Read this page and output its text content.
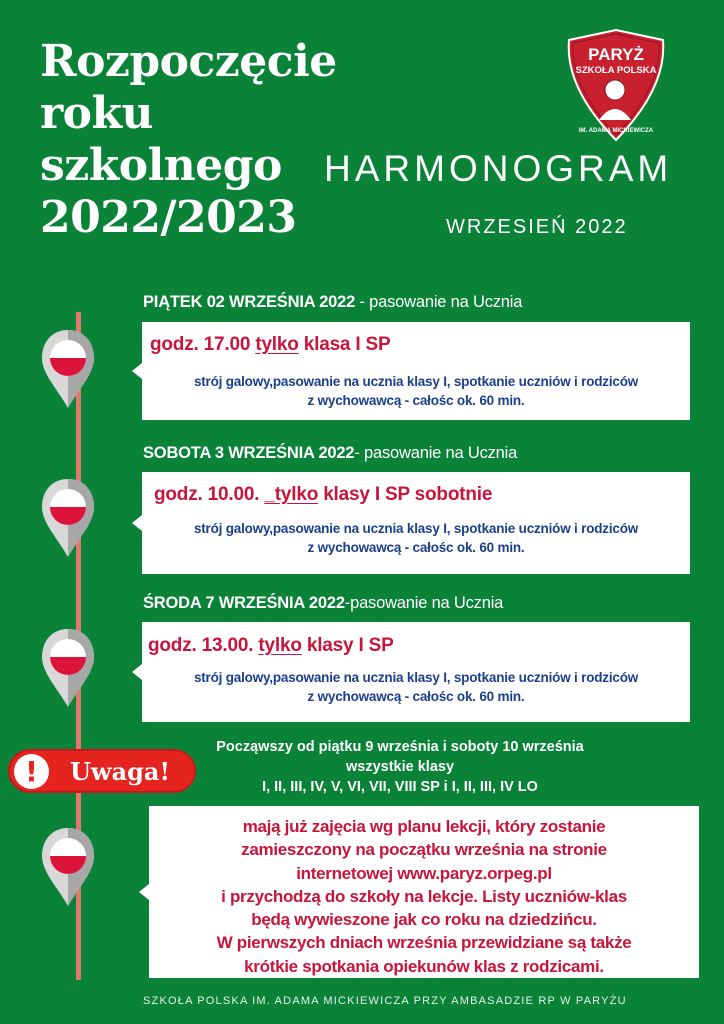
Rozpoczęcie
roku
szkolnego
2022/2023
PARYŻ
SZKOŁA POLSKA
IM. ADAMA MICKIEWICZA
HARMONOGRAM
WRZESIEŃ 2022
PIĄTEK 02 WRZEŚNIA 2022 - pasowanie na Ucznia
godz. 17.00 tylko klasa I SP
strój galowy,pasowanie na ucznia klasy I, spotkanie uczniów i rodziców
z wychowawcą - całośc ok. 60 min.
SOBOTA 3 WRZEŚNIA 2022- pasowanie na Ucznia
godz. 10.00. _tylko klasy I SP sobotnie
strój galowy,pasowanie na ucznia klasy I, spotkanie uczniów i rodziców
z wychowawcą - całośc ok. 60 min.
ŚRODA 7 WRZEŚNIA 2022-pasowanie na Ucznia
godz. 13.00. tylko klasy I SP
strój galowy,pasowanie na ucznia klasy I, spotkanie uczniów i rodziców
z wychowawcą - całośc ok. 60 min.
!	Uwaga!
Począwszy od piątku 9 września i soboty 10 września
wszystkie klasy
I, II, III, IV, V, VI, VII, VIII SP i I, II, III, IV LO
mają już zajęcia wg planu lekcji, który zostanie
zamieszczony na początku września na stronie
internetowej www.paryz.orpeg.pl
i przychodzą do szkoły na lekcje. Listy uczniów-klas
będą wywieszone jak co roku na dziedzińcu.
W pierwszych dniach września przewidziane są także
krótkie spotkania opiekunów klas z rodzicami.
SZKOŁA POLSKA IM. ADAMA MICKIEWICZA PRZY AMBASADZIE RP W PARYŻU
